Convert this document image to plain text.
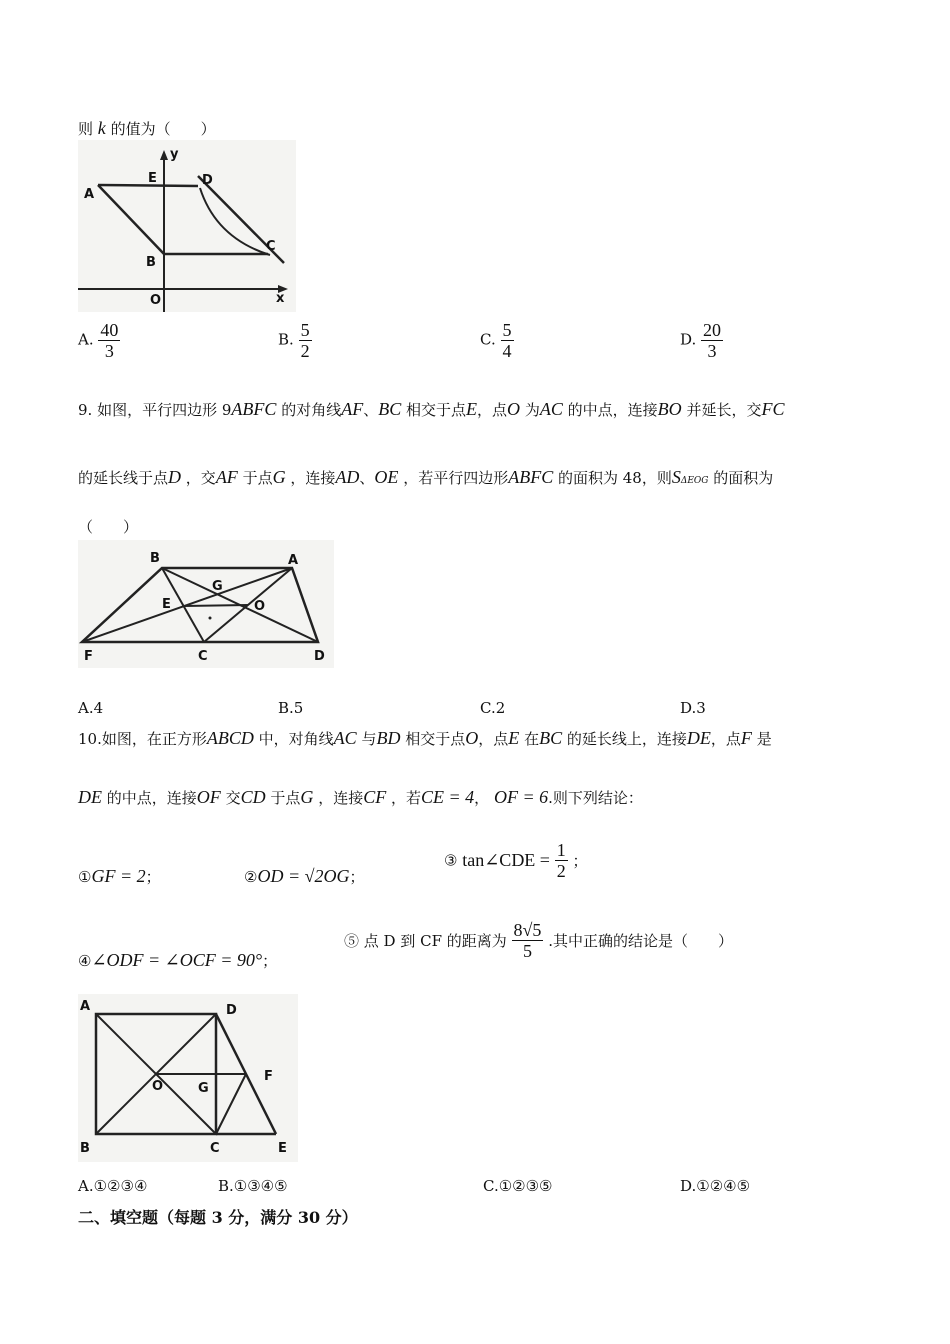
则 k 的值为（　　）
y
x
E	D
A
B
C
O
A. $\frac{40}{3}$	B. $\frac{5}{2}$	C. $\frac{5}{4}$	D. $\frac{20}{3}$
9. 如图，平行四边形 9ABFC 的对角线AF、BC 相交于点E，点O 为AC 的中点，连接BO 并延长，交FC
的延长线于点D ，交AF 于点G ，连接AD、OE ，若平行四边形ABFC 的面积为 48，则SΔEOG 的面积为
（　　）
B	A
G
E	O
F	C	D
A.4	B.5	C.2	D.3
10.如图，在正方形ABCD 中，对角线AC 与BD 相交于点O，点E 在BC 的延长线上，连接DE，点F 是
DE 的中点，连接OF 交CD 于点G ，连接CF ，若CE = 4， OF = 6.则下列结论：
①GF = 2；	②OD = √2OG；
③ tan∠CDE = $\frac{1}{2}$ ；
④∠ODF = ∠OCF = 90°；
⑤ 点 D 到 CF 的距离为 $\frac{8√5}{5}$ .其中正确的结论是（　　）
A	D
F
O	G
B	C	E
A.①②③④	B.①③④⑤	C.①②③⑤	D.①②④⑤
二、填空题（每题 3 分，满分 30 分）
